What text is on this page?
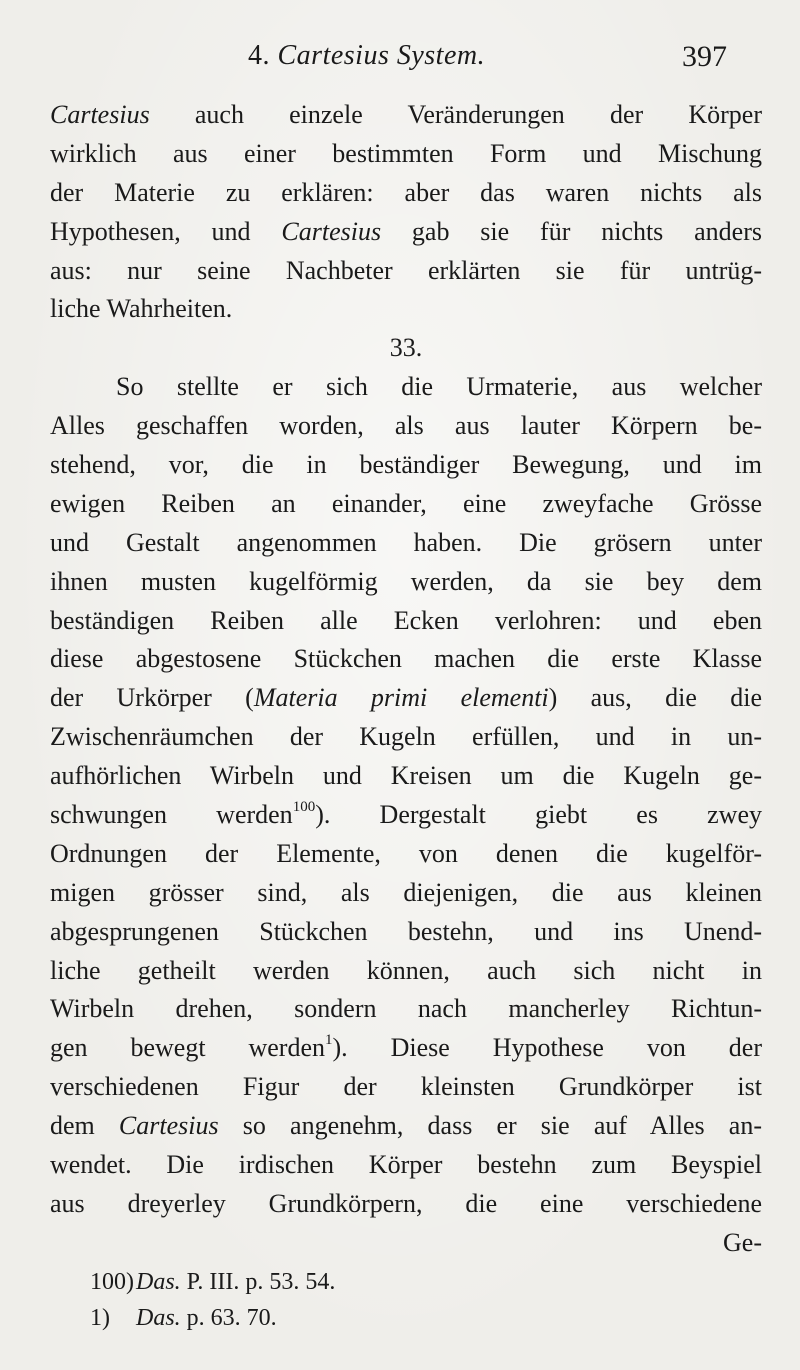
4. Cartesius System.	397
Cartesius auch einzele Veränderungen der Körper
wirklich aus einer bestimmten Form und Mischung
der Materie zu erklären: aber das waren nichts als
Hypothesen, und Cartesius gab sie für nichts anders
aus: nur seine Nachbeter erklärten sie für untrüg-
liche Wahrheiten.
33.
So stellte er sich die Urmaterie, aus welcher
Alles geschaffen worden, als aus lauter Körpern be-
stehend, vor, die in beständiger Bewegung, und im
ewigen Reiben an einander, eine zweyfache Grösse
und Gestalt angenommen haben. Die grösern unter
ihnen musten kugelförmig werden, da sie bey dem
beständigen Reiben alle Ecken verlohren: und eben
diese abgestosene Stückchen machen die erste Klasse
der Urkörper (Materia primi elementi) aus, die die
Zwischenräumchen der Kugeln erfüllen, und in un-
aufhörlichen Wirbeln und Kreisen um die Kugeln ge-
schwungen werden$^{100}$). Dergestalt giebt es zwey
Ordnungen der Elemente, von denen die kugelför-
migen grösser sind, als diejenigen, die aus kleinen
abgesprungenen Stückchen bestehn, und ins Unend-
liche getheilt werden können, auch sich nicht in
Wirbeln drehen, sondern nach mancherley Richtun-
gen bewegt werden$^1$). Diese Hypothese von der
verschiedenen Figur der kleinsten Grundkörper ist
dem Cartesius so angenehm, dass er sie auf Alles an-
wendet. Die irdischen Körper bestehn zum Beyspiel
aus dreyerley Grundkörpern, die eine verschiedene
Ge-
100)Das. P. III. p. 53. 54.
1) Das. p. 63. 70.
